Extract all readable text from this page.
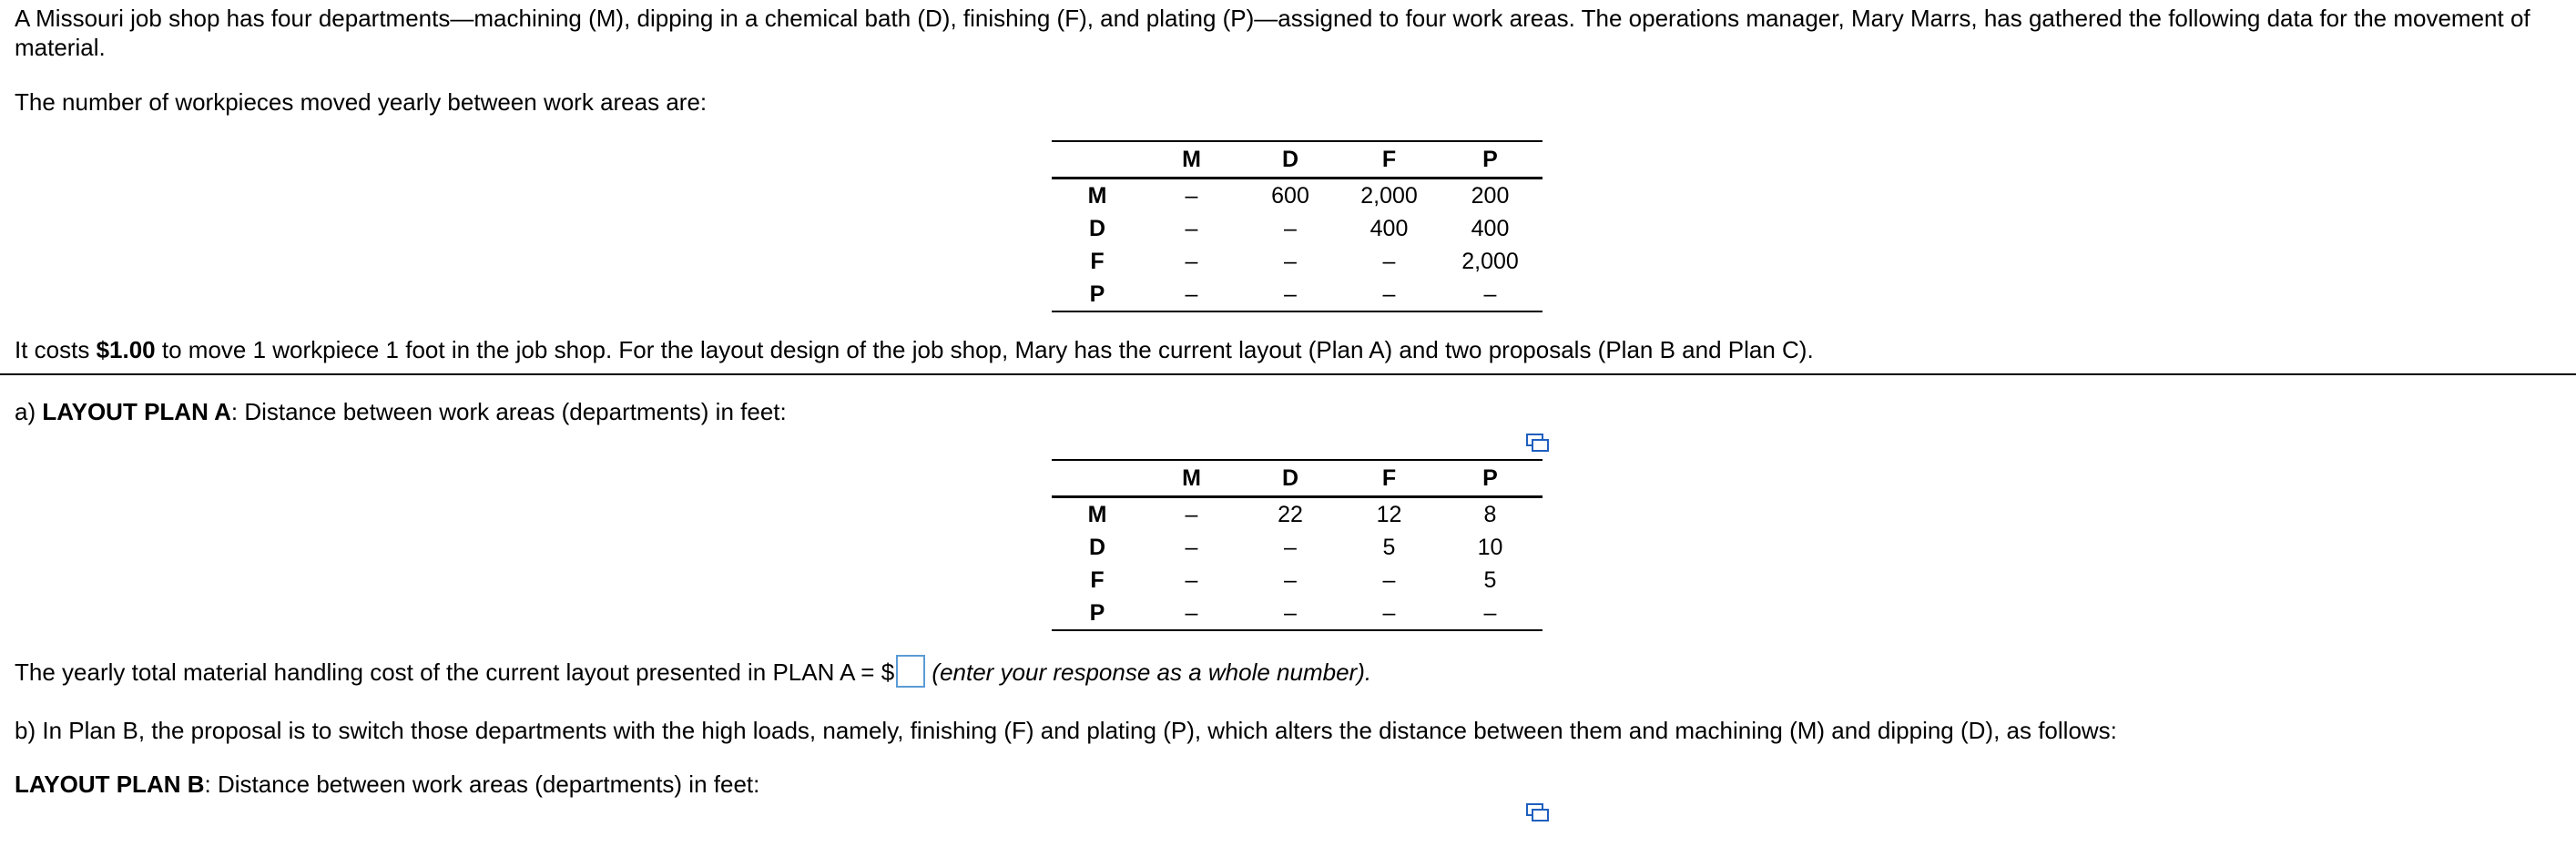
A Missouri job shop has four departments—machining (M), dipping in a chemical bath (D), finishing (F), and plating (P)—assigned to four work areas. The operations manager, Mary Marrs, has gathered the following data for the movement of
material.

The number of workpieces moved yearly between work areas are:

	M	D	F	P
M	–	600	2,000	200
D	–	–	400	400
F	–	–	–	2,000
P	–	–	–	–

It costs $1.00 to move 1 workpiece 1 foot in the job shop. For the layout design of the job shop, Mary has the current layout (Plan A) and two proposals (Plan B and Plan C).

a) LAYOUT PLAN A: Distance between work areas (departments) in feet:

	M	D	F	P
M	–	22	12	8
D	–	–	5	10
F	–	–	–	5
P	–	–	–	–

The yearly total material handling cost of the current layout presented in PLAN A = $ (enter your response as a whole number).

b) In Plan B, the proposal is to switch those departments with the high loads, namely, finishing (F) and plating (P), which alters the distance between them and machining (M) and dipping (D), as follows:

LAYOUT PLAN B: Distance between work areas (departments) in feet:
